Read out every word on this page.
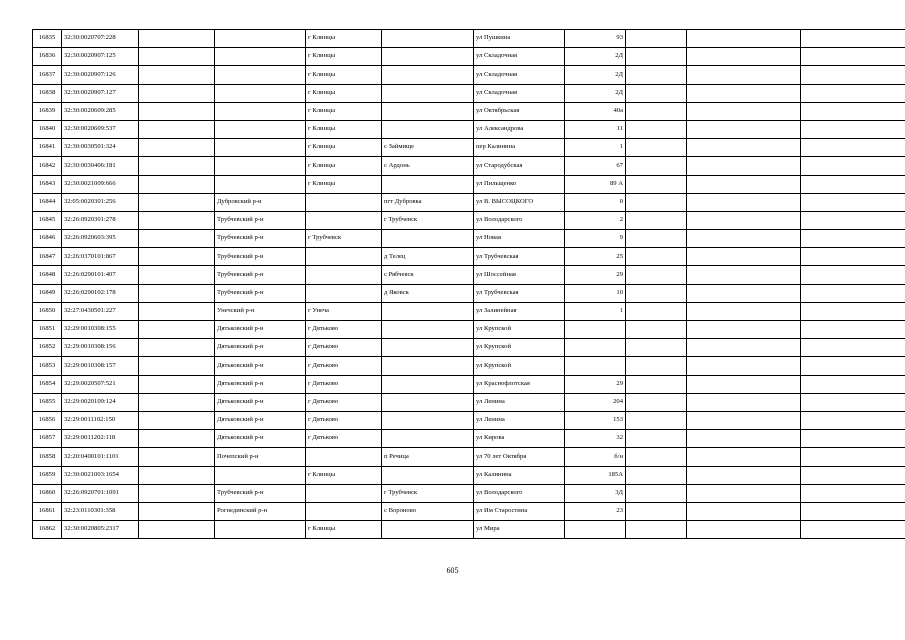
16835	32:30:0020707:228			г Клинцы		ул Пушкина	93			
16836	32:30:0020907:125			г Клинцы		ул Складочная	2Д			
16837	32:30:0020907:126			г Клинцы		ул Складочная	2Д			
16838	32:30:0020907:127			г Клинцы		ул Складочная	2Д			
16839	32:30:0020609:285			г Клинцы		ул Октябрьская	40а			
16840	32:30:0020609:537			г Клинцы		ул Александрова	11			
16841	32:30:0030501:324			г Клинцы	с Займище	пер Калинина	1			
16842	32:30:0030406:181			г Клинцы	с Ардонь	ул Стародубская	67			
16843	32:30:0021009:666			г Клинцы		ул Пильщенко	89 А			
16844	32:05:0020301:256		Дубровский р-н		пгт Дубровка	ул В. ВЫСОЦКОГО	0			
16845	32:26:0920301:278		Трубчевский р-н		г Трубчевск	ул Володарского	2			
16846	32:26:0920603:395		Трубчевский р-н	г Трубчевск		ул Новая	9			
16847	32:26:0370101:867		Трубчевский р-н		д Телец	ул Трубчевская	25			
16848	32:26:0290101:407		Трубчевский р-н		с Рябчевск	ул Шоссейная	29			
16849	32:26:0290102:178		Трубчевский р-н		д Яковск	ул Трубчевская	10			
16850	32:27:0430501:227		Унечский р-н	г Унеча		ул Залинейная	1			
16851	32:29:0010308:155		Дятьковский р-н	г Дятьково		ул Крупской				
16852	32:29:0010308:156		Дятьковский р-н	г Дятьково		ул Крупской				
16853	32:29:0010308:157		Дятьковский р-н	г Дятьково		ул Крупской				
16854	32:29:0020507:521		Дятьковский р-н	г Дятьково		ул Краснофлотская	29			
16855	32:29:0020109:124		Дятьковский р-н	г Дятьково		ул Ленина	204			
16856	32:29:0011102:150		Дятьковский р-н	г Дятьково		ул Ленина	153			
16857	32:29:0011202:118		Дятьковский р-н	г Дятьково		ул Кирова	32			
16858	32:20:0400101:1101		Почепский р-н		п Речица	ул 70 лет Октября	б/н			
16859	32:30:0021003:1654			г Клинцы		ул Калинина	185А			
16860	32:26:0920701:1091		Трубчевский р-н		г Трубчевск	ул Володарского	3Д			
16861	32:23:0110301:358		Рогнединский р-н		с Вороново	ул Им Старостина	23			
16862	32:30:0020805:2317			г Клинцы		ул Мира				
605
